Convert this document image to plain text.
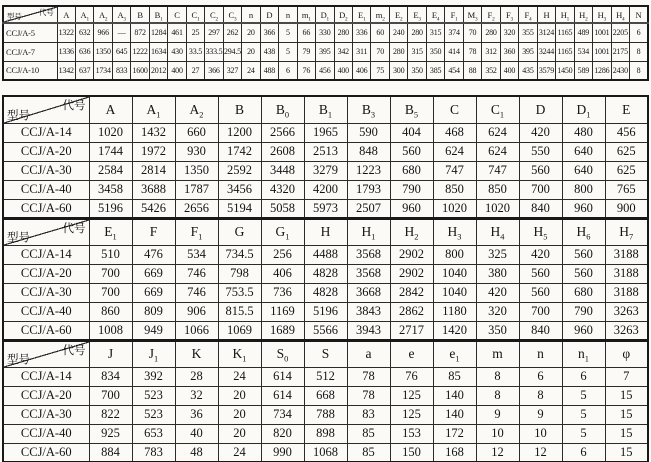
代号
型号	A	$A_1$	$A_2$	$A_3$	B	$B_1$	C	$C_1$	$C_2$	$C_3$	n	D	n	$m_1$	$D_1$	$D_2$	$E_1$	$m_2$	$E_2$	$E_3$	$E_4$	$F_1$	$M_3$	$F_2$	$F_3$	$F_4$	H	$H_1$	$H_2$	$H_3$	$H_4$	N
CCJ/A-5	1322	632	966	—	872	1284	461	25	297	262	20	366	5	66	330	280	336	60	240	280	315	374	70	280	320	355	3124	1165	489	1001	2205	6
CCJ/A-7	1336	636	1350	645	1222	1634	430	33.5	333.5	294.5	20	438	5	79	395	342	311	70	280	315	350	414	78	312	360	395	3244	1165	534	1001	2175	8
CCJ/A-10	1342	637	1734	833	1600	2012	400	27	366	327	24	488	6	76	456	400	406	75	300	350	385	454	88	352	400	435	3579	1450	589	1286	2430	8
代号
型号	A	$A_1$	$A_2$	B	$B_0$	$B_1$	$B_3$	$B_5$	C	$C_1$	D	$D_1$	E
CCJ/A-14	1020	1432	660	1200	2566	1965	590	404	468	624	420	480	456
CCJ/A-20	1744	1972	930	1742	2608	2513	848	560	624	624	550	640	625
CCJ/A-30	2584	2814	1350	2592	3448	3279	1223	680	747	747	560	640	625
CCJ/A-40	3458	3688	1787	3456	4320	4200	1793	790	850	850	700	800	765
CCJ/A-60	5196	5426	2656	5194	5058	5973	2507	960	1020	1020	840	960	900

代号
型号	$E_1$	F	$F_1$	G	$G_1$	H	$H_1$	$H_2$	$H_3$	$H_4$	$H_5$	$H_6$	$H_7$
CCJ/A-14	510	476	534	734.5	256	4488	3568	2902	800	325	420	560	3188
CCJ/A-20	700	669	746	798	406	4828	3568	2902	1040	380	560	560	3188
CCJ/A-30	700	669	746	753.5	736	4828	3668	2842	1040	420	560	680	3188
CCJ/A-40	860	809	906	815.5	1169	5196	3843	2862	1180	320	700	790	3263
CCJ/A-60	1008	949	1066	1069	1689	5566	3943	2717	1420	350	840	960	3263

代号
型号	J	$J_1$	K	$K_1$	$S_0$	S	a	e	$e_1$	m	n	$n_1$	φ
CCJ/A-14	834	392	28	24	614	512	78	76	85	8	6	6	7
CCJ/A-20	700	523	32	20	614	668	78	125	140	8	8	5	15
CCJ/A-30	822	523	36	20	734	788	83	125	140	9	9	5	15
CCJ/A-40	925	653	40	20	820	898	85	153	172	10	10	5	15
CCJ/A-60	884	783	48	24	990	1068	85	150	168	12	12	6	15
